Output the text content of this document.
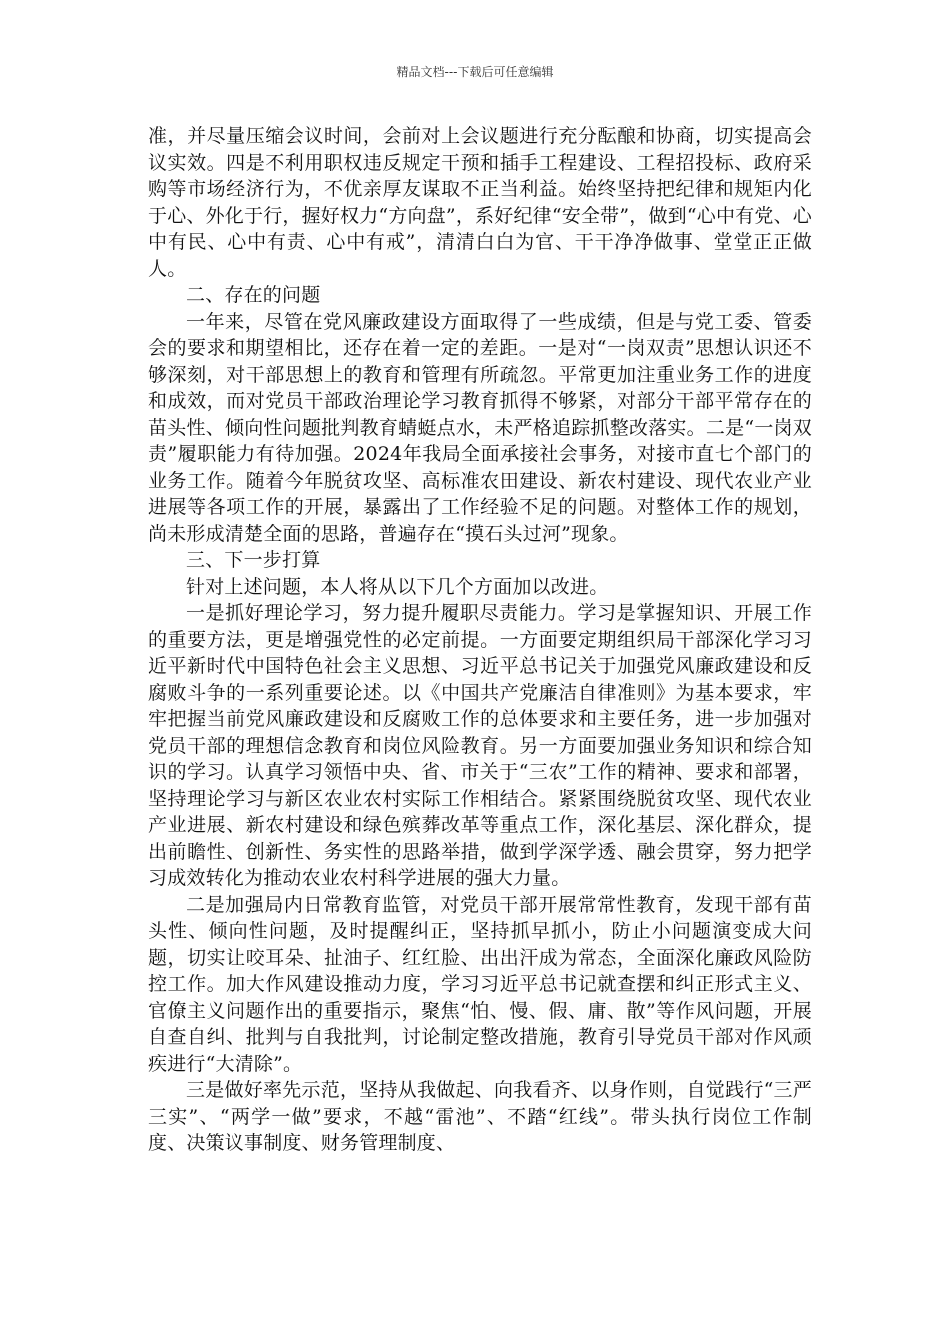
精品文档---下载后可任意编辑

准，并尽量压缩会议时间，会前对上会议题进行充分酝酿和协商，切实提高会议实效。四是不利用职权违反规定干预和插手工程建设、工程招投标、政府采购等市场经济行为，不优亲厚友谋取不正当利益。始终坚持把纪律和规矩内化于心、外化于行，握好权力“方向盘”，系好纪律“安全带”，做到“心中有党、心中有民、心中有责、心中有戒”，清清白白为官、干干净净做事、堂堂正正做人。

二、存在的问题

一年来，尽管在党风廉政建设方面取得了一些成绩，但是与党工委、管委会的要求和期望相比，还存在着一定的差距。一是对“一岗双责”思想认识还不够深刻，对干部思想上的教育和管理有所疏忽。平常更加注重业务工作的进度和成效，而对党员干部政治理论学习教育抓得不够紧，对部分干部平常存在的苗头性、倾向性问题批判教育蜻蜓点水，未严格追踪抓整改落实。二是“一岗双责”履职能力有待加强。2024年我局全面承接社会事务，对接市直七个部门的业务工作。随着今年脱贫攻坚、高标准农田建设、新农村建设、现代农业产业进展等各项工作的开展，暴露出了工作经验不足的问题。对整体工作的规划，尚未形成清楚全面的思路，普遍存在“摸石头过河”现象。

三、下一步打算

针对上述问题，本人将从以下几个方面加以改进。

一是抓好理论学习，努力提升履职尽责能力。学习是掌握知识、开展工作的重要方法，更是增强党性的必定前提。一方面要定期组织局干部深化学习习近平新时代中国特色社会主义思想、习近平总书记关于加强党风廉政建设和反腐败斗争的一系列重要论述。以《中国共产党廉洁自律准则》为基本要求，牢牢把握当前党风廉政建设和反腐败工作的总体要求和主要任务，进一步加强对党员干部的理想信念教育和岗位风险教育。另一方面要加强业务知识和综合知识的学习。认真学习领悟中央、省、市关于“三农”工作的精神、要求和部署，坚持理论学习与新区农业农村实际工作相结合。紧紧围绕脱贫攻坚、现代农业产业进展、新农村建设和绿色殡葬改革等重点工作，深化基层、深化群众，提出前瞻性、创新性、务实性的思路举措，做到学深学透、融会贯穿，努力把学习成效转化为推动农业农村科学进展的强大力量。

二是加强局内日常教育监管，对党员干部开展常常性教育，发现干部有苗头性、倾向性问题，及时提醒纠正，坚持抓早抓小，防止小问题演变成大问题，切实让咬耳朵、扯油子、红红脸、出出汗成为常态，全面深化廉政风险防控工作。加大作风建设推动力度，学习习近平总书记就查摆和纠正形式主义、官僚主义问题作出的重要指示，聚焦“怕、慢、假、庸、散”等作风问题，开展自查自纠、批判与自我批判，讨论制定整改措施，教育引导党员干部对作风顽疾进行“大清除”。

三是做好率先示范，坚持从我做起、向我看齐、以身作则，自觉践行“三严三实”、“两学一做”要求，不越“雷池”、不踏“红线”。带头执行岗位工作制度、决策议事制度、财务管理制度、
